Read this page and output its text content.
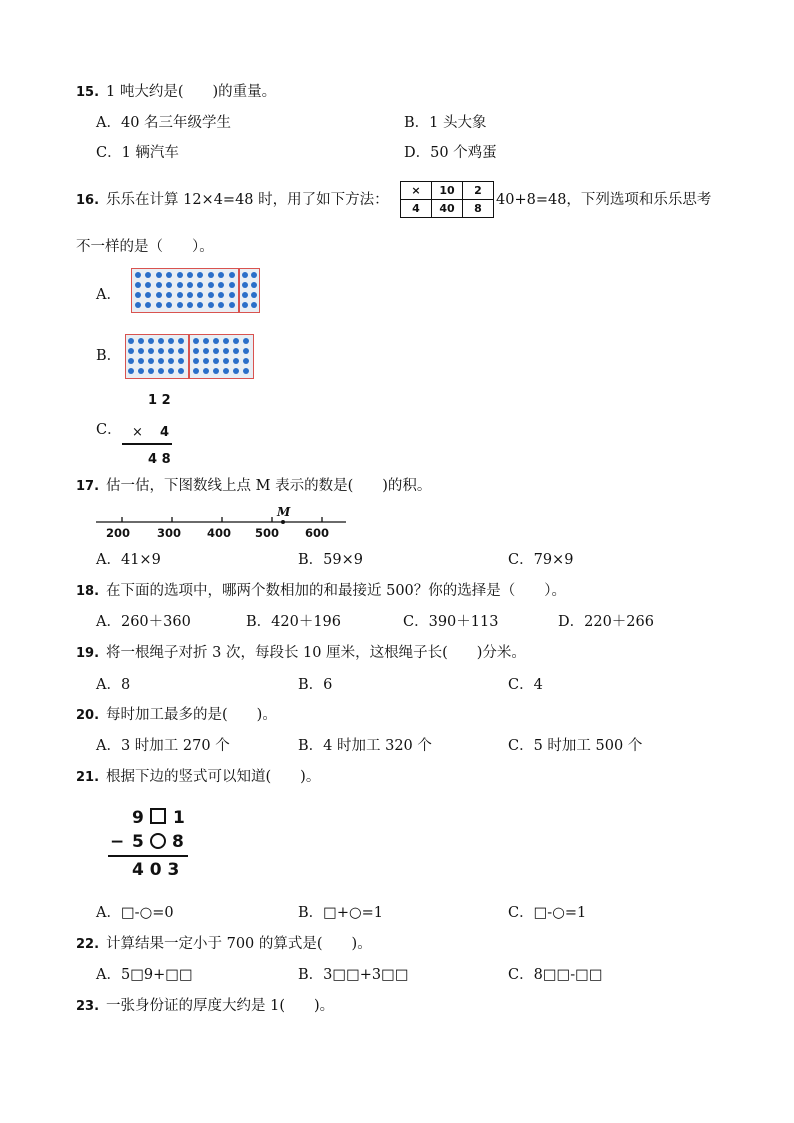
15. 1 吨大约是(　　)的重量。
A．40 名三年级学生	B．1 头大象
C．1 辆汽车	D．50 个鸡蛋
16. 乐乐在计算 12×4=48 时，用了如下方法：
×	10	2
4	40	8
40+8=48，下列选项和乐乐思考
不一样的是（　　）。
A．
B．
C．
1 2
× 4
4 8
17. 估一估，下图数线上点 M 表示的数是(　　)的积。
M
200 300 400 500 600
A．41×9	B．59×9	C．79×9
18. 在下面的选项中，哪两个数相加的和最接近 500？你的选择是（　　）。
A．260＋360	B．420＋196	C．390＋113	D．220＋266
19. 将一根绳子对折 3 次，每段长 10 厘米，这根绳子长(　　)分米。
A．8	B．6	C．4
20. 每时加工最多的是(　　)。
A．3 时加工 270 个	B．4 时加工 320 个	C．5 时加工 500 个
21. 根据下边的竖式可以知道(　　)。
9 1
− 5 8
4 0 3
A．□-○=0	B．□+○=1	C．□-○=1
22. 计算结果一定小于 700 的算式是(　　)。
A．5□9+□□	B．3□□+3□□	C．8□□-□□
23. 一张身份证的厚度大约是 1(　　)。
